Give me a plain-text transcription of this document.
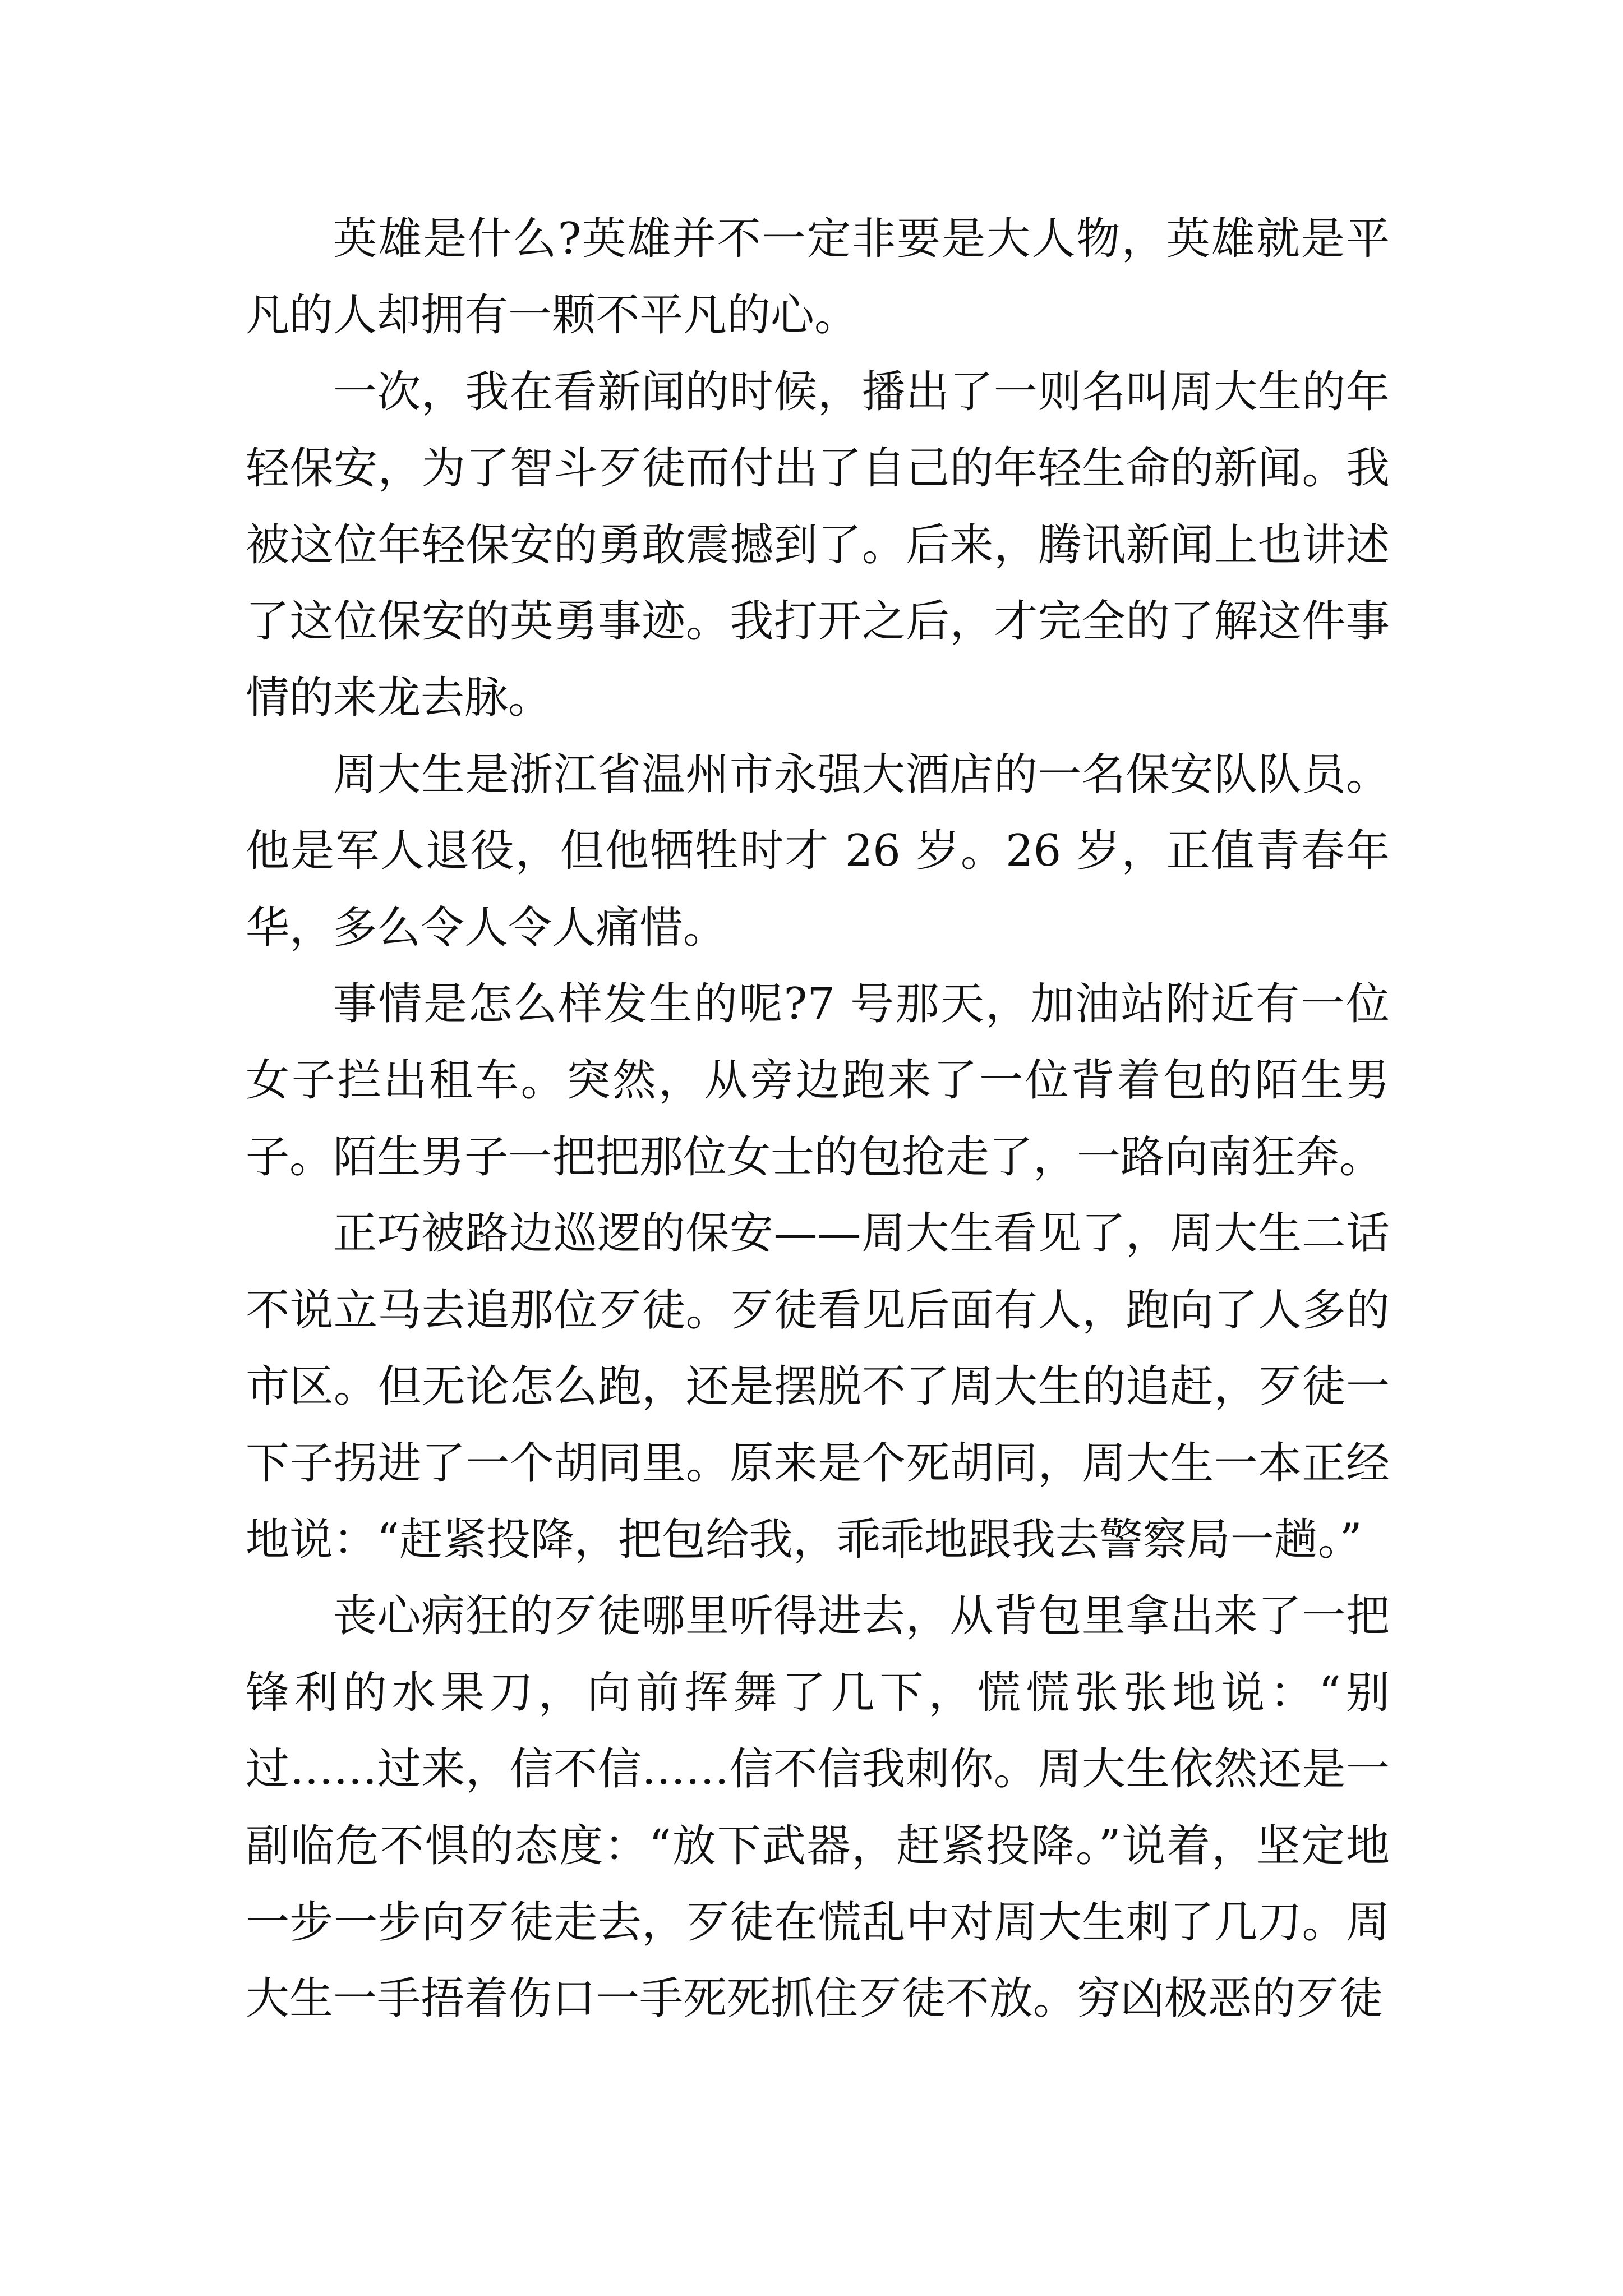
英雄是什么?英雄并不一定非要是大人物，英雄就是平凡的人却拥有一颗不平凡的心。

一次，我在看新闻的时候，播出了一则名叫周大生的年轻保安，为了智斗歹徒而付出了自己的年轻生命的新闻。我被这位年轻保安的勇敢震撼到了。后来，腾讯新闻上也讲述了这位保安的英勇事迹。我打开之后，才完全的了解这件事情的来龙去脉。

周大生是浙江省温州市永强大酒店的一名保安队队员。他是军人退役，但他牺牲时才 26 岁。26 岁，正值青春年华，多么令人令人痛惜。

事情是怎么样发生的呢?7 号那天，加油站附近有一位女子拦出租车。突然，从旁边跑来了一位背着包的陌生男子。陌生男子一把把那位女士的包抢走了，一路向南狂奔。

正巧被路边巡逻的保安——周大生看见了，周大生二话不说立马去追那位歹徒。歹徒看见后面有人，跑向了人多的市区。但无论怎么跑，还是摆脱不了周大生的追赶，歹徒一下子拐进了一个胡同里。原来是个死胡同，周大生一本正经地说：“赶紧投降，把包给我，乖乖地跟我去警察局一趟。”

丧心病狂的歹徒哪里听得进去，从背包里拿出来了一把锋利的水果刀，向前挥舞了几下，慌慌张张地说：“别过……过来，信不信……信不信我刺你。周大生依然还是一副临危不惧的态度：“放下武器，赶紧投降。”说着，坚定地一步一步向歹徒走去，歹徒在慌乱中对周大生刺了几刀。周大生一手捂着伤口一手死死抓住歹徒不放。穷凶极恶的歹徒
